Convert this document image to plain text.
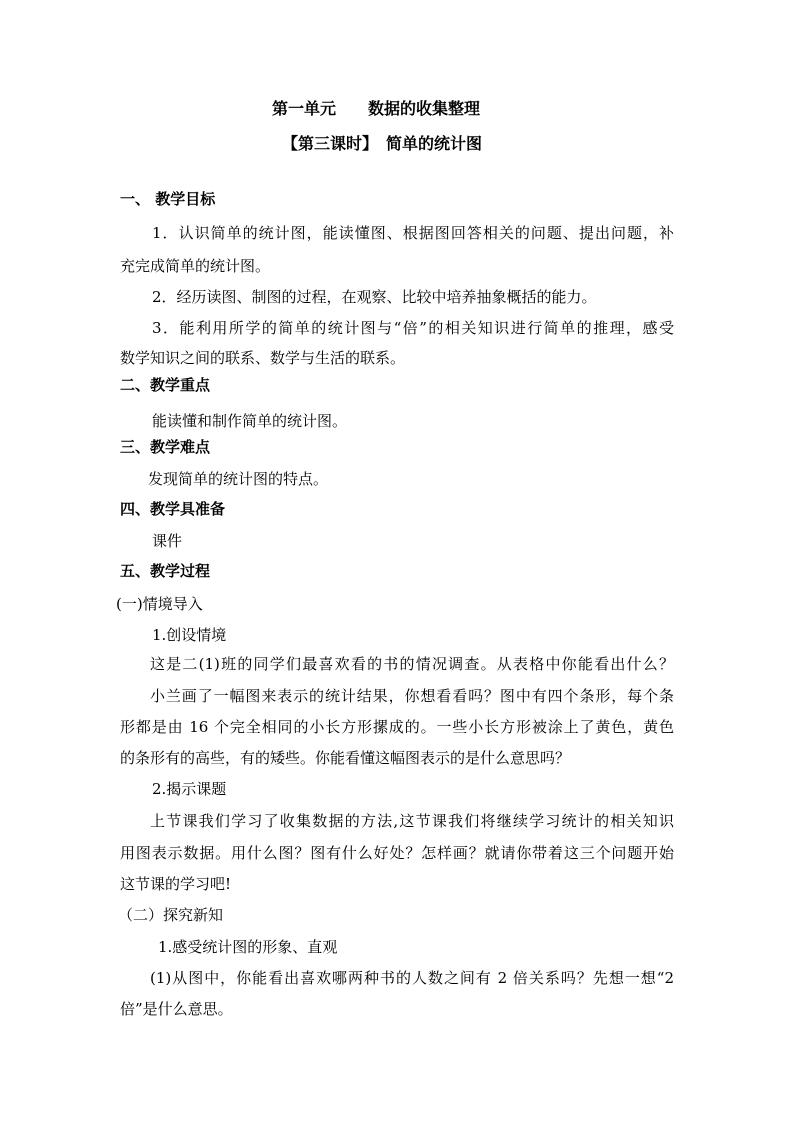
第一单元　　数据的收集整理
【第三课时】　简单的统计图
一、 教学目标
1．认识简单的统计图，能读懂图、根据图回答相关的问题、提出问题，补
充完成简单的统计图。
2．经历读图、制图的过程，在观察、比较中培养抽象概括的能力。
3．能利用所学的简单的统计图与“倍”的相关知识进行简单的推理，感受
数学知识之间的联系、数学与生活的联系。
二、教学重点
能读懂和制作简单的统计图。
三、教学难点
发现简单的统计图的特点。
四、教学具准备
课件
五、教学过程
(一)情境导入
1.创设情境
这是二(1)班的同学们最喜欢看的书的情况调查。从表格中你能看出什么？
小兰画了一幅图来表示的统计结果，你想看看吗？图中有四个条形，每个条
形都是由 16 个完全相同的小长方形摞成的。一些小长方形被涂上了黄色，黄色
的条形有的高些，有的矮些。你能看懂这幅图表示的是什么意思吗？
2.揭示课题
上节课我们学习了收集数据的方法,这节课我们将继续学习统计的相关知识
用图表示数据。用什么图？图有什么好处？怎样画？就请你带着这三个问题开始
这节课的学习吧!
（二）探究新知
1.感受统计图的形象、直观
(1)从图中，你能看出喜欢哪两种书的人数之间有 2 倍关系吗？先想一想“2
倍”是什么意思。
